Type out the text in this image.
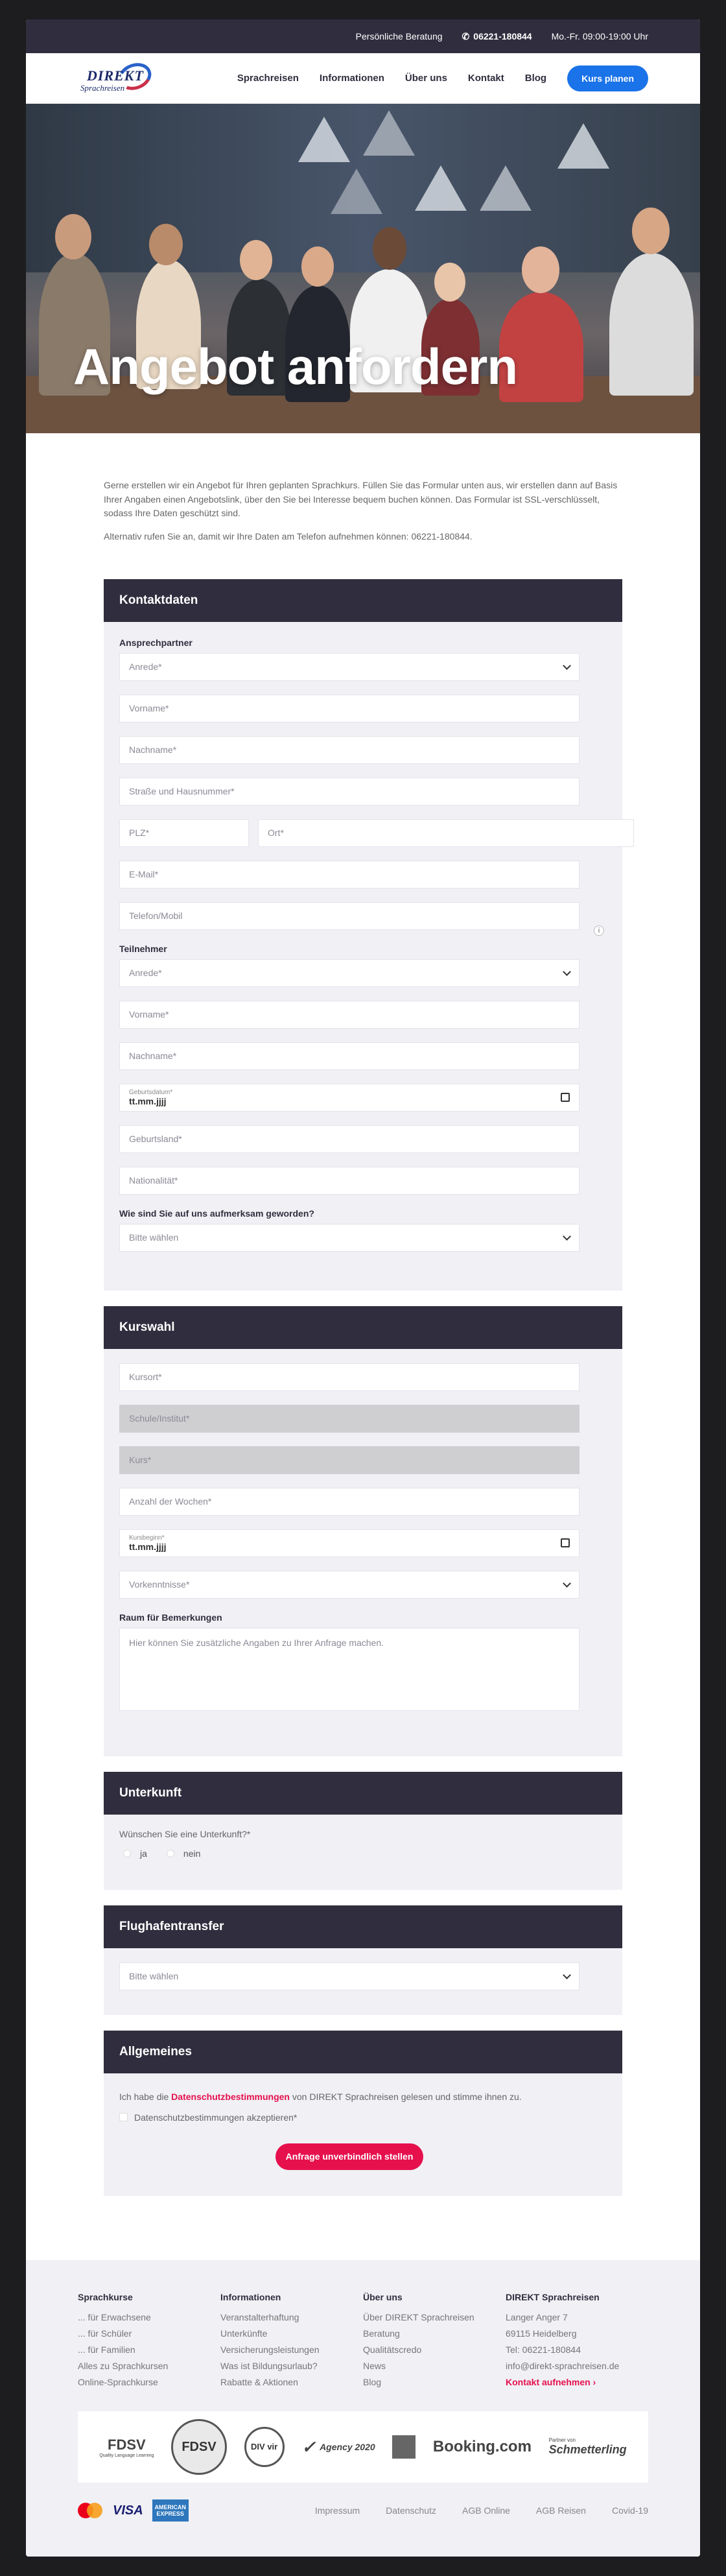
Persönliche Beratung ✆ 06221-180844 Mo.-Fr. 09:00-19:00 Uhr
DIREKT
Sprachreisen
Sprachreisen Informationen Über uns Kontakt Blog	Kurs planen
Angebot anfordern

Gerne erstellen wir ein Angebot für Ihren geplanten Sprachkurs. Füllen Sie das Formular unten aus, wir erstellen dann auf Basis Ihrer Angaben einen Angebotslink, über den Sie bei Interesse bequem buchen können. Das Formular ist SSL-verschlüsselt, sodass Ihre Daten geschützt sind.

Alternativ rufen Sie an, damit wir Ihre Daten am Telefon aufnehmen können: 06221-180844.

Kontaktdaten
Ansprechpartner
Anrede*
Vorname*
Nachname*
Straße und Hausnummer*
PLZ*	Ort*
E-Mail*
Telefon/Mobil
i
Teilnehmer
Anrede*
Vorname*
Nachname*
Geburtsdatum*
tt.mm.jjjj
Geburtsland*
Nationalität*
Wie sind Sie auf uns aufmerksam geworden?
Bitte wählen
Kurswahl
Kursort*
Schule/Institut*
Kurs*
Anzahl der Wochen*
Kursbeginn*
tt.mm.jjjj
Vorkenntnisse*
Raum für Bemerkungen
Hier können Sie zusätzliche Angaben zu Ihrer Anfrage machen.
Unterkunft
Wünschen Sie eine Unterkunft?*
ja	nein
Flughafentransfer
Bitte wählen
Allgemeines
Ich habe die Datenschutzbestimmungen von DIREKT Sprachreisen gelesen und stimme ihnen zu.
Datenschutzbestimmungen akzeptieren*
Anfrage unverbindlich stellen
Sprachkurse
... für Erwachsene
... für Schüler
... für Familien
Alles zu Sprachkursen
Online-Sprachkurse
Informationen
Veranstalterhaftung
Unterkünfte
Versicherungsleistungen
Was ist Bildungsurlaub?
Rabatte & Aktionen
Über uns
Über DIREKT Sprachreisen
Beratung
Qualitätscredo
News
Blog
DIREKT Sprachreisen
Langer Anger 7
69115 Heidelberg
Tel: 06221-180844
info@direkt-sprachreisen.de
Kontakt aufnehmen ›
FDSV
Quality Language Learning
FDSV	DIV vir	✓ Agency 2020	Booking.com	Partner von
Schmetterling
VISA	AMERICAN EXPRESS	Impressum	Datenschutz	AGB Online	AGB Reisen	Covid-19
